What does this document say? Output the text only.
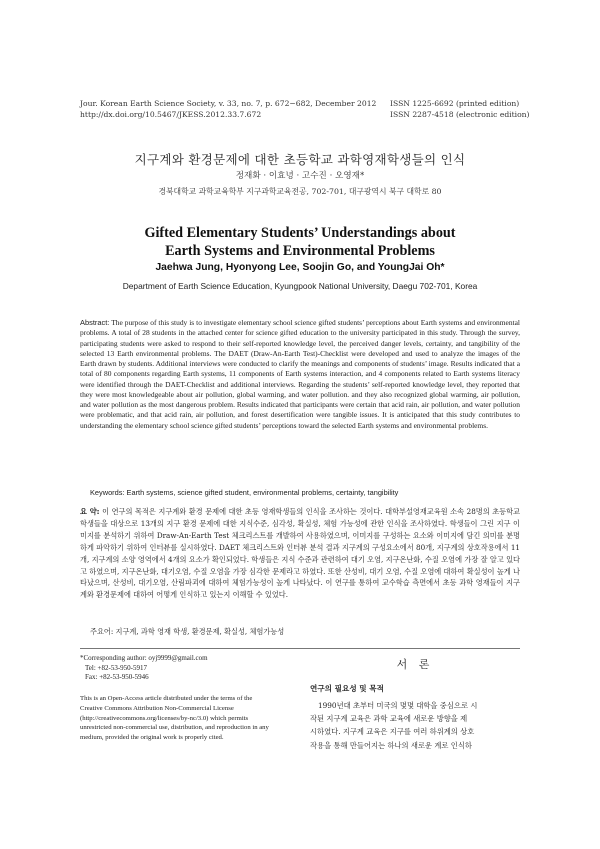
Jour. Korean Earth Science Society, v. 33, no. 7, p. 672−682, December 2012
http://dx.doi.org/10.5467/JKESS.2012.33.7.672
ISSN 1225-6692 (printed edition)
ISSN 2287-4518 (electronic edition)
지구계와 환경문제에 대한 초등학교 과학영재학생들의 인식
정재화 · 이효녕 · 고수진 · 오영재*
경북대학교 과학교육학부 지구과학교육전공, 702-701, 대구광역시 북구 대학로 80
Gifted Elementary Students’ Understandings about
Earth Systems and Environmental Problems
Jaehwa Jung, Hyonyong Lee, Soojin Go, and YoungJai Oh*
Department of Earth Science Education, Kyungpook National University, Daegu 702-701, Korea

Abstract: The purpose of this study is to investigate elementary school science gifted students’ perceptions about Earth systems and environmental problems. A total of 28 students in the attached center for science gifted education to the university participated in this study. Through the survey, participating students were asked to respond to their self-reported knowledge level, the perceived danger levels, certainty, and tangibility of the selected 13 Earth environmental problems. The DAET (Draw-An-Earth Test)-Checklist were developed and used to analyze the images of the Earth drawn by students. Additional interviews were conducted to clarify the meanings and components of students’ image. Results indicated that a total of 80 components regarding Earth systems, 11 components of Earth systems interaction, and 4 components related to Earth systems literacy were identified through the DAET-Checklist and additional interviews. Regarding the students’ self-reported knowledge level, they reported that they were most knowledgeable about air pollution, global warming, and water pollution. and they also recognized global warming, air pollution, and water pollution as the most dangerous problem. Results indicated that participants were certain that acid rain, air pollution, and water pollution were problematic, and that acid rain, air pollution, and forest desertification were tangible issues. It is anticipated that this study contributes to understanding the elementary school science gifted students’ perceptions toward the selected Earth systems and environmental problems.

Keywords: Earth systems, science gifted student, environmental problems, certainty, tangibility

요 약: 이 연구의 목적은 지구계와 환경 문제에 대한 초등 영재학생들의 인식을 조사하는 것이다. 대학부설영재교육원 소속 28명의 초등학교 학생들을 대상으로 13개의 지구 환경 문제에 대한 지식수준, 심각성, 확실성, 체험 가능성에 관한 인식을 조사하였다. 학생들이 그린 지구 이미지를 분석하기 위하여 Draw-An-Earth Test 체크리스트를 개발하여 사용하였으며, 이미지를 구성하는 요소와 이미지에 담긴 의미를 분명하게 파악하기 위하여 인터뷰를 실시하였다. DAET 체크리스트와 인터뷰 분석 결과 지구계의 구성요소에서 80개, 지구계의 상호작용에서 11개, 지구계의 소양 영역에서 4개의 요소가 확인되었다. 학생들은 지식 수준과 관련하여 대기 오염, 지구온난화, 수질 오염에 가장 잘 알고 있다고 하였으며, 지구온난화, 대기오염, 수질 오염을 가장 심각한 문제라고 하였다. 또한 산성비, 대기 오염, 수질 오염에 대하여 확실성이 높게 나타났으며, 산성비, 대기오염, 산림파괴에 대하여 체험가능성이 높게 나타났다. 이 연구를 통하여 교수학습 측면에서 초등 과학 영재들이 지구계와 환경문제에 대하여 어떻게 인식하고 있는지 이해할 수 있었다.

주요어: 지구계, 과학 영재 학생, 환경문제, 확실성, 체험가능성

*Corresponding author: oyj9999@gmail.com
Tel: +82-53-950-5917
Fax: +82-53-950-5946

This is an Open-Access article distributed under the terms of the Creative Commons Attribution Non-Commercial License (http://creativecommons.org/licenses/by-nc/3.0) which permits unrestricted non-commercial use, distribution, and reproduction in any medium, provided the original work is properly cited.

서 론
연구의 필요성 및 목적
1990년대 초부터 미국의 몇몇 대학을 중심으로 시
작된 지구계 교육은 과학 교육에 새로운 방향을 제
시하였다. 지구계 교육은 지구를 여러 하위계의 상호
작용을 통해 만들어지는 하나의 새로운 계로 인식하
